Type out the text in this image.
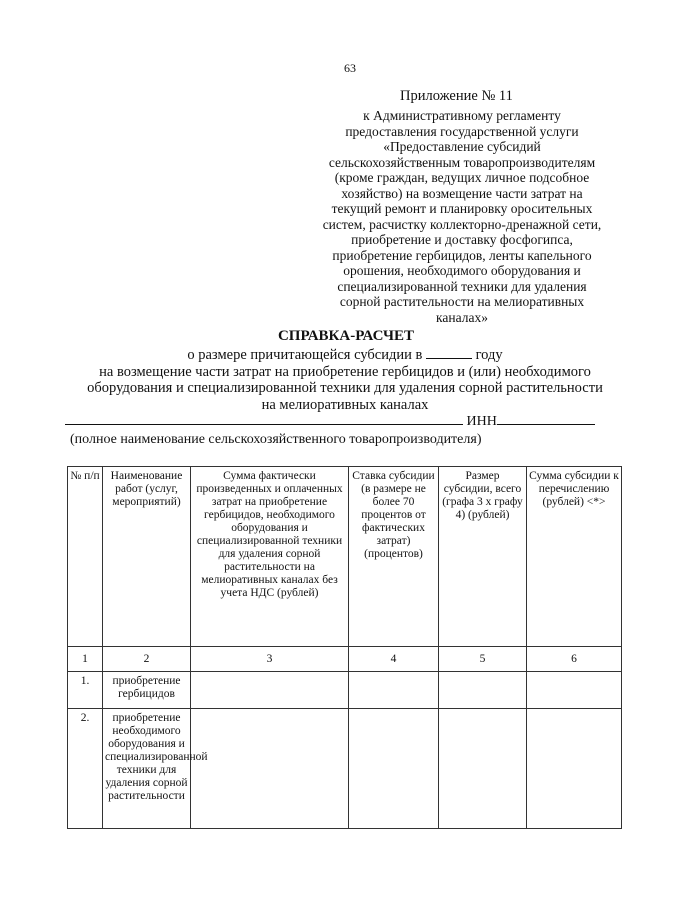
63
Приложение № 11
к Административному регламенту
предоставления государственной услуги
«Предоставление субсидий
сельскохозяйственным товаропроизводителям
(кроме граждан, ведущих личное подсобное
хозяйство) на возмещение части затрат на
текущий ремонт и планировку оросительных
систем, расчистку коллекторно-дренажной сети,
приобретение и доставку фосфогипса,
приобретение гербицидов, ленты капельного
орошения, необходимого оборудования и
специализированной техники для удаления
сорной растительности на мелиоративных
каналах»
СПРАВКА-РАСЧЕТ
о размере причитающейся субсидии в	году
на возмещение части затрат на приобретение гербицидов и (или) необходимого
оборудования и специализированной техники для удаления сорной растительности
на мелиоративных каналах
ИНН
(полное наименование сельскохозяйственного товаропроизводителя)
№ п/п	Наименование работ (услуг, мероприятий)	Сумма фактически произведенных и оплаченных затрат на приобретение гербицидов, необходимого оборудования и специализированной техники для удаления сорной растительности на мелиоративных каналах без учета НДС (рублей)	Ставка субсидии (в размере не более 70 процентов от фактических затрат) (процентов)	Размер субсидии, всего (графа 3 x графу 4) (рублей)	Сумма субсидии к перечислению (рублей) <*>
1	2	3	4	5	6
1.	приобретение гербицидов				
2.	приобретение необходимого оборудования и специализированной техники для удаления сорной растительности				
